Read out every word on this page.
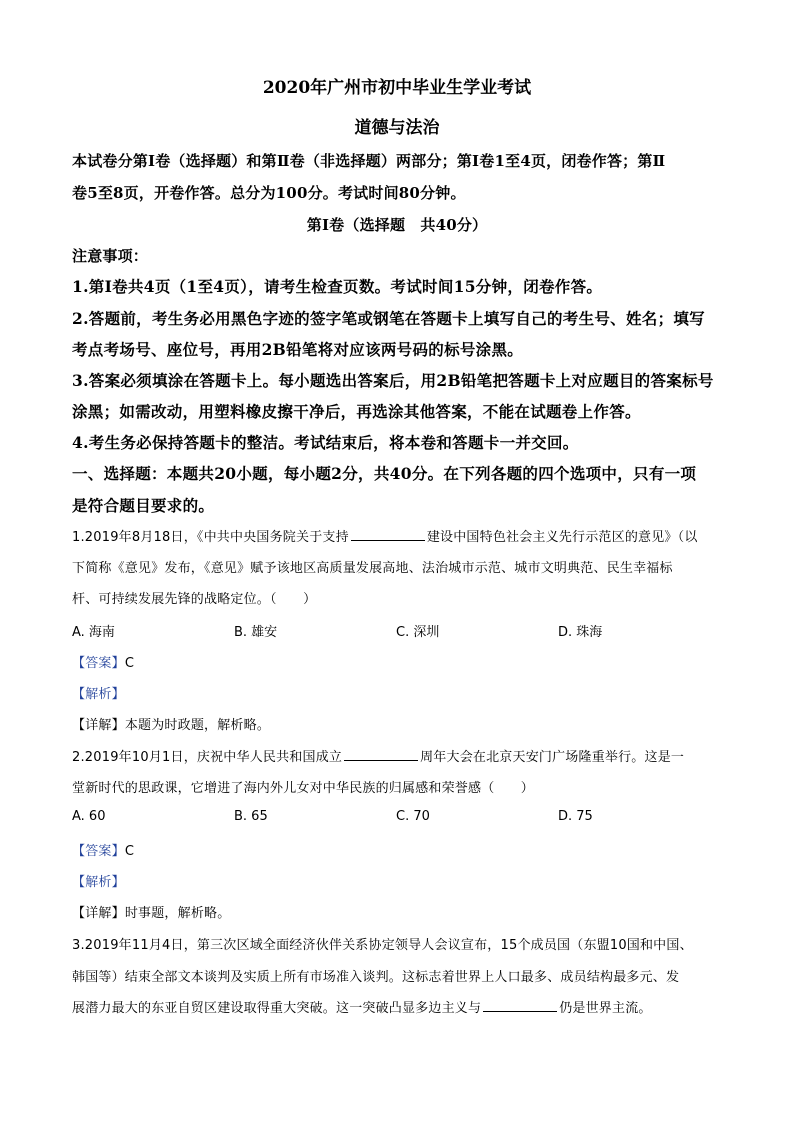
2020年广州市初中毕业生学业考试
道德与法治
本试卷分第Ⅰ卷（选择题）和第Ⅱ卷（非选择题）两部分；第Ⅰ卷1至4页，闭卷作答；第Ⅱ
卷5至8页，开卷作答。总分为100分。考试时间80分钟。
第Ⅰ卷（选择题　共40分）
注意事项：
1.第Ⅰ卷共4页（1至4页），请考生检查页数。考试时间15分钟，闭卷作答。
2.答题前，考生务必用黑色字迹的签字笔或钢笔在答题卡上填写自己的考生号、姓名；填写
考点考场号、座位号，再用2B铅笔将对应该两号码的标号涂黑。
3.答案必须填涂在答题卡上。每小题选出答案后，用2B铅笔把答题卡上对应题目的答案标号
涂黑；如需改动，用塑料橡皮擦干净后，再选涂其他答案，不能在试题卷上作答。
4.考生务必保持答题卡的整洁。考试结束后，将本卷和答题卡一并交回。
一、选择题：本题共20小题，每小题2分，共40分。在下列各题的四个选项中，只有一项
是符合题目要求的。
1.2019年8月18日，《中共中央国务院关于支持	建设中国特色社会主义先行示范区的意见》（以
下简称《意见》发布，《意见》赋予该地区高质量发展高地、法治城市示范、城市文明典范、民生幸福标
杆、可持续发展先锋的战略定位。（　　）
A. 海南	B. 雄安	C. 深圳	D. 珠海
【答案】C
【解析】
【详解】本题为时政题，解析略。
2.2019年10月1日，庆祝中华人民共和国成立	周年大会在北京天安门广场隆重举行。这是一
堂新时代的思政课，它增进了海内外儿女对中华民族的归属感和荣誉感（　　）
A. 60	B. 65	C. 70	D. 75
【答案】C
【解析】
【详解】时事题，解析略。
3.2019年11月4日，第三次区域全面经济伙伴关系协定领导人会议宣布，15个成员国（东盟10国和中国、
韩国等）结束全部文本谈判及实质上所有市场准入谈判。这标志着世界上人口最多、成员结构最多元、发
展潜力最大的东亚自贸区建设取得重大突破。这一突破凸显多边主义与	仍是世界主流。
